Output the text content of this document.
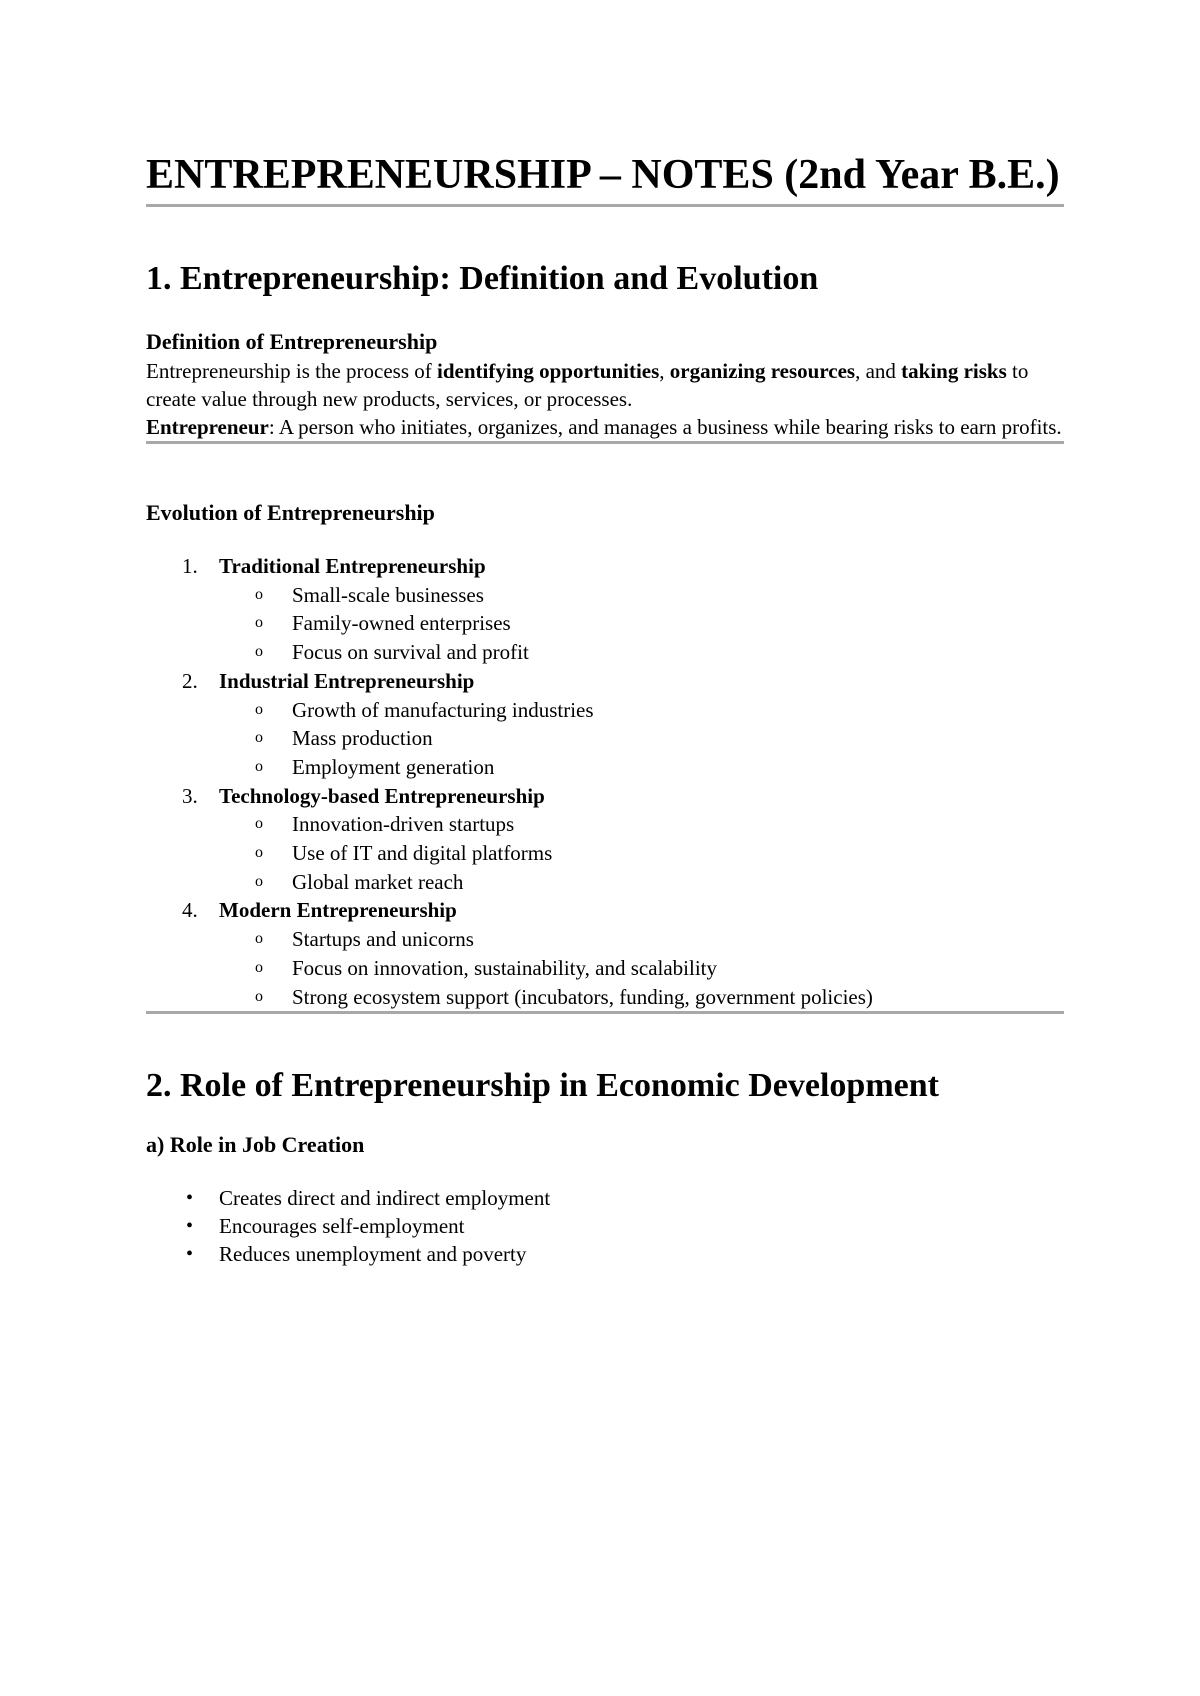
ENTREPRENEURSHIP – NOTES (2nd Year B.E.)
1. Entrepreneurship: Definition and Evolution
Definition of Entrepreneurship

Entrepreneurship is the process of identifying opportunities, organizing resources, and taking risks to create value through new products, services, or processes.

Entrepreneur: A person who initiates, organizes, and manages a business while bearing risks to earn profits.

Evolution of Entrepreneurship
1. Traditional Entrepreneurship
o Small-scale businesses
o Family-owned enterprises
o Focus on survival and profit
2. Industrial Entrepreneurship
o Growth of manufacturing industries
o Mass production
o Employment generation
3. Technology-based Entrepreneurship
o Innovation-driven startups
o Use of IT and digital platforms
o Global market reach
4. Modern Entrepreneurship
o Startups and unicorns
o Focus on innovation, sustainability, and scalability
o Strong ecosystem support (incubators, funding, government policies)
2. Role of Entrepreneurship in Economic Development
a) Role in Job Creation
• Creates direct and indirect employment
• Encourages self-employment
• Reduces unemployment and poverty
